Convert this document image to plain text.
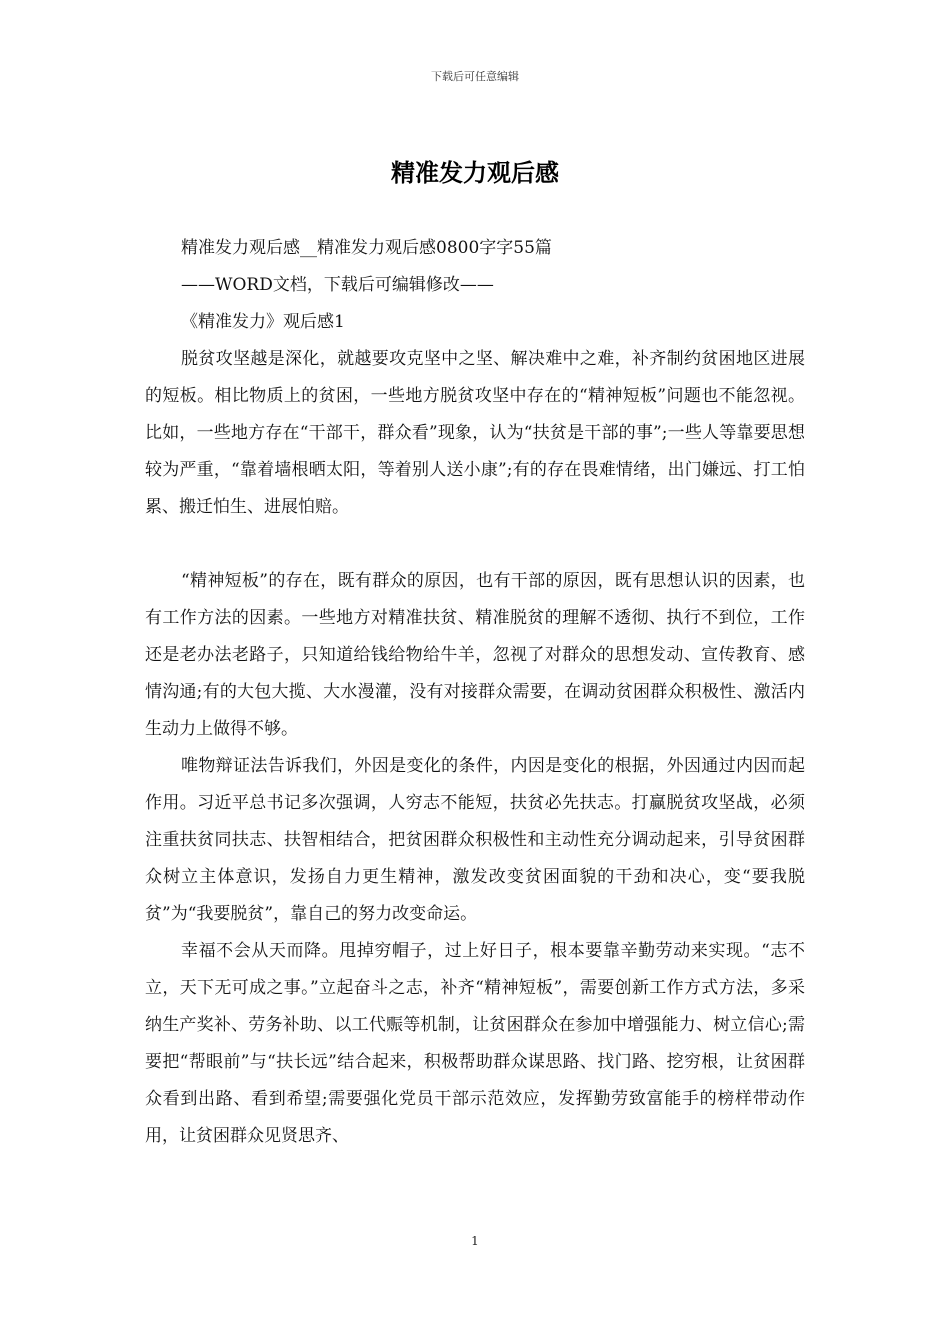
下载后可任意编辑
精准发力观后感

精准发力观后感__精准发力观后感0800字字55篇

——WORD文档，下载后可编辑修改——

《精准发力》观后感1

脱贫攻坚越是深化，就越要攻克坚中之坚、解决难中之难，补齐制约贫困地区进展的短板。相比物质上的贫困，一些地方脱贫攻坚中存在的“精神短板”问题也不能忽视。比如，一些地方存在“干部干，群众看”现象，认为“扶贫是干部的事”;一些人等靠要思想较为严重，“靠着墙根晒太阳，等着别人送小康”;有的存在畏难情绪，出门嫌远、打工怕累、搬迁怕生、进展怕赔。

“精神短板”的存在，既有群众的原因，也有干部的原因，既有思想认识的因素，也有工作方法的因素。一些地方对精准扶贫、精准脱贫的理解不透彻、执行不到位，工作还是老办法老路子，只知道给钱给物给牛羊，忽视了对群众的思想发动、宣传教育、感情沟通;有的大包大揽、大水漫灌，没有对接群众需要，在调动贫困群众积极性、激活内生动力上做得不够。

唯物辩证法告诉我们，外因是变化的条件，内因是变化的根据，外因通过内因而起作用。习近平总书记多次强调，人穷志不能短，扶贫必先扶志。打赢脱贫攻坚战，必须注重扶贫同扶志、扶智相结合，把贫困群众积极性和主动性充分调动起来，引导贫困群众树立主体意识，发扬自力更生精神，激发改变贫困面貌的干劲和决心，变“要我脱贫”为“我要脱贫”，靠自己的努力改变命运。

幸福不会从天而降。甩掉穷帽子，过上好日子，根本要靠辛勤劳动来实现。“志不立，天下无可成之事。”立起奋斗之志，补齐“精神短板”，需要创新工作方式方法，多采纳生产奖补、劳务补助、以工代赈等机制，让贫困群众在参加中增强能力、树立信心;需要把“帮眼前”与“扶长远”结合起来，积极帮助群众谋思路、找门路、挖穷根，让贫困群众看到出路、看到希望;需要强化党员干部示范效应，发挥勤劳致富能手的榜样带动作用，让贫困群众见贤思齐、

1
